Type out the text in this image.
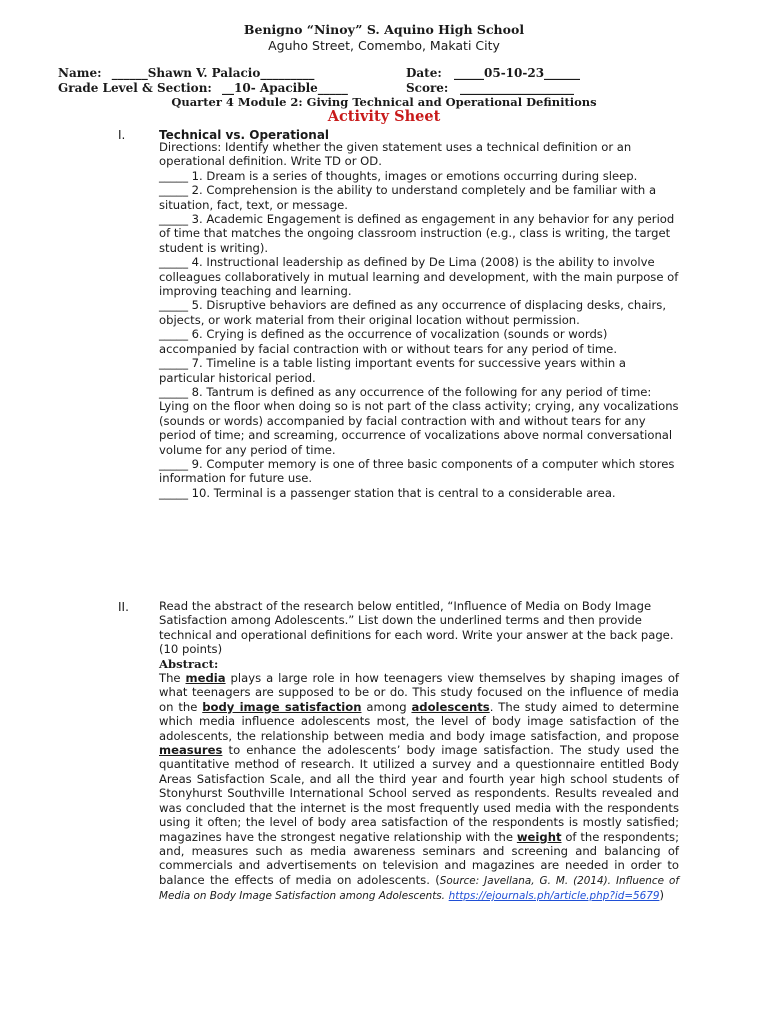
Benigno “Ninoy” S. Aquino High School
Aguho Street, Comembo, Makati City
Name: ______Shawn V. Palacio_________	Date: _____05-10-23______
Grade Level & Section: __10- Apacible_____	Score: ___________________
Quarter 4 Module 2: Giving Technical and Operational Definitions
Activity Sheet
I.	Technical vs. Operational

Directions: Identify whether the given statement uses a technical definition or an operational definition. Write TD or OD.

_____ 1. Dream is a series of thoughts, images or emotions occurring during sleep.

_____ 2. Comprehension is the ability to understand completely and be familiar with a situation, fact, text, or message.

_____ 3. Academic Engagement is defined as engagement in any behavior for any period of time that matches the ongoing classroom instruction (e.g., class is writing, the target student is writing).

_____ 4. Instructional leadership as defined by De Lima (2008) is the ability to involve colleagues collaboratively in mutual learning and development, with the main purpose of improving teaching and learning.

_____ 5. Disruptive behaviors are defined as any occurrence of displacing desks, chairs, objects, or work material from their original location without permission.

_____ 6. Crying is defined as the occurrence of vocalization (sounds or words) accompanied by facial contraction with or without tears for any period of time.

_____ 7. Timeline is a table listing important events for successive years within a particular historical period.

_____ 8. Tantrum is defined as any occurrence of the following for any period of time: Lying on the floor when doing so is not part of the class activity; crying, any vocalizations (sounds or words) accompanied by facial contraction with and without tears for any period of time; and screaming, occurrence of vocalizations above normal conversational volume for any period of time.

_____ 9. Computer memory is one of three basic components of a computer which stores information for future use.

_____ 10. Terminal is a passenger station that is central to a considerable area.

II.	Read the abstract of the research below entitled, “Influence of Media on Body Image Satisfaction among Adolescents.” List down the underlined terms and then provide technical and operational definitions for each word. Write your answer at the back page. (10 points)

Abstract:

The media plays a large role in how teenagers view themselves by shaping images of what teenagers are supposed to be or do. This study focused on the influence of media on the body image satisfaction among adolescents. The study aimed to determine which media influence adolescents most, the level of body image satisfaction of the adolescents, the relationship between media and body image satisfaction, and propose measures to enhance the adolescents’ body image satisfaction. The study used the quantitative method of research. It utilized a survey and a questionnaire entitled Body Areas Satisfaction Scale, and all the third year and fourth year high school students of Stonyhurst Southville International School served as respondents. Results revealed and was concluded that the internet is the most frequently used media with the respondents using it often; the level of body area satisfaction of the respondents is mostly satisfied; magazines have the strongest negative relationship with the weight of the respondents; and, measures such as media awareness seminars and screening and balancing of commercials and advertisements on television and magazines are needed in order to balance the effects of media on adolescents. (Source: Javellana, G. M. (2014). Influence of Media on Body Image Satisfaction among Adolescents. https://ejournals.ph/article.php?id=5679)
